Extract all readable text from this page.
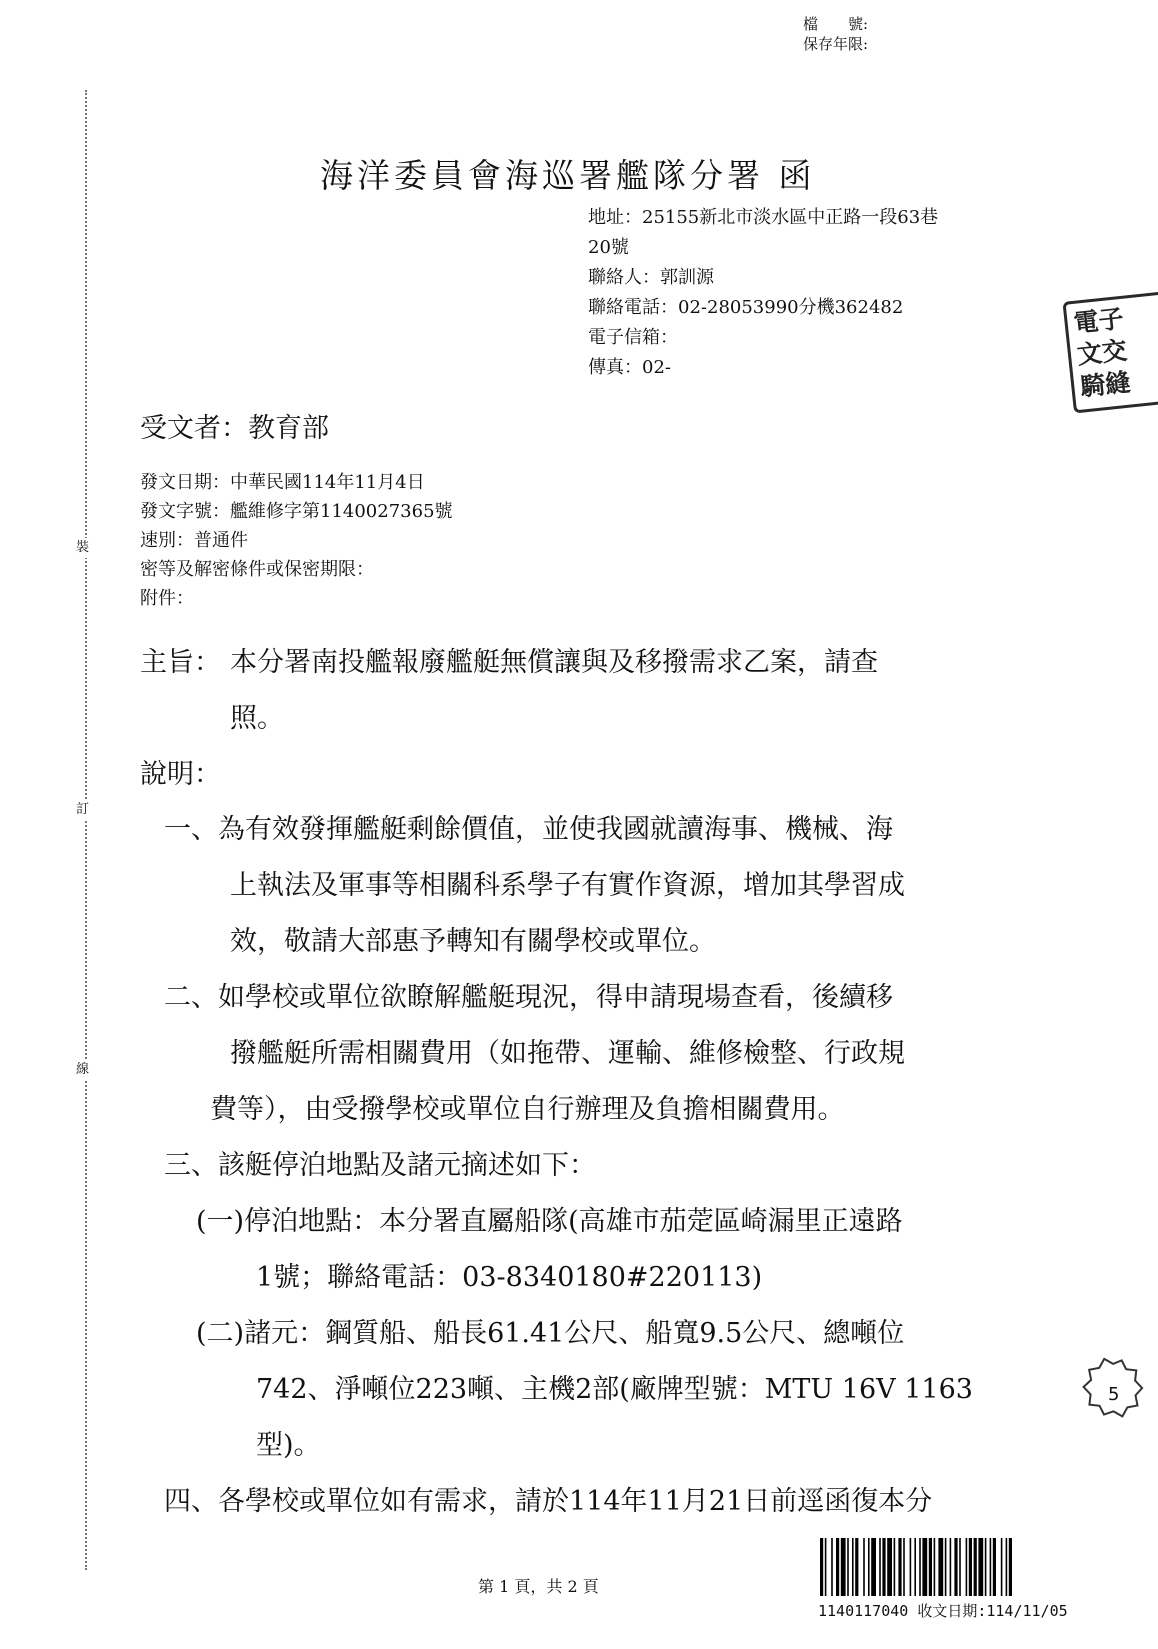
裝
訂
線
檔　　號:
保存年限:
海洋委員會海巡署艦隊分署 函
地址：25155新北市淡水區中正路一段63巷
20號
聯絡人：郭訓源
聯絡電話：02-28053990分機362482
電子信箱：
傳真：02-
電子
文交
騎縫
受文者：教育部
發文日期：中華民國114年11月4日
發文字號：艦維修字第1140027365號
速別：普通件
密等及解密條件或保密期限：
附件：
主旨： 本分署南投艦報廢艦艇無償讓與及移撥需求乙案，請查
照。
說明：
一、為有效發揮艦艇剩餘價值，並使我國就讀海事、機械、海
上執法及軍事等相關科系學子有實作資源，增加其學習成
效，敬請大部惠予轉知有關學校或單位。
二、如學校或單位欲瞭解艦艇現況，得申請現場查看，後續移
撥艦艇所需相關費用（如拖帶、運輸、維修檢整、行政規
費等），由受撥學校或單位自行辦理及負擔相關費用。
三、該艇停泊地點及諸元摘述如下：
(一)停泊地點：本分署直屬船隊(高雄市茄萣區崎漏里正遠路
1號；聯絡電話：03-8340180#220113)
(二)諸元：鋼質船、船長61.41公尺、船寬9.5公尺、總噸位
742、淨噸位223噸、主機2部(廠牌型號：MTU 16V 1163
型)。
四、各學校或單位如有需求，請於114年11月21日前逕函復本分
5
第 1 頁，共 2 頁
1140117040 收文日期:114/11/05
